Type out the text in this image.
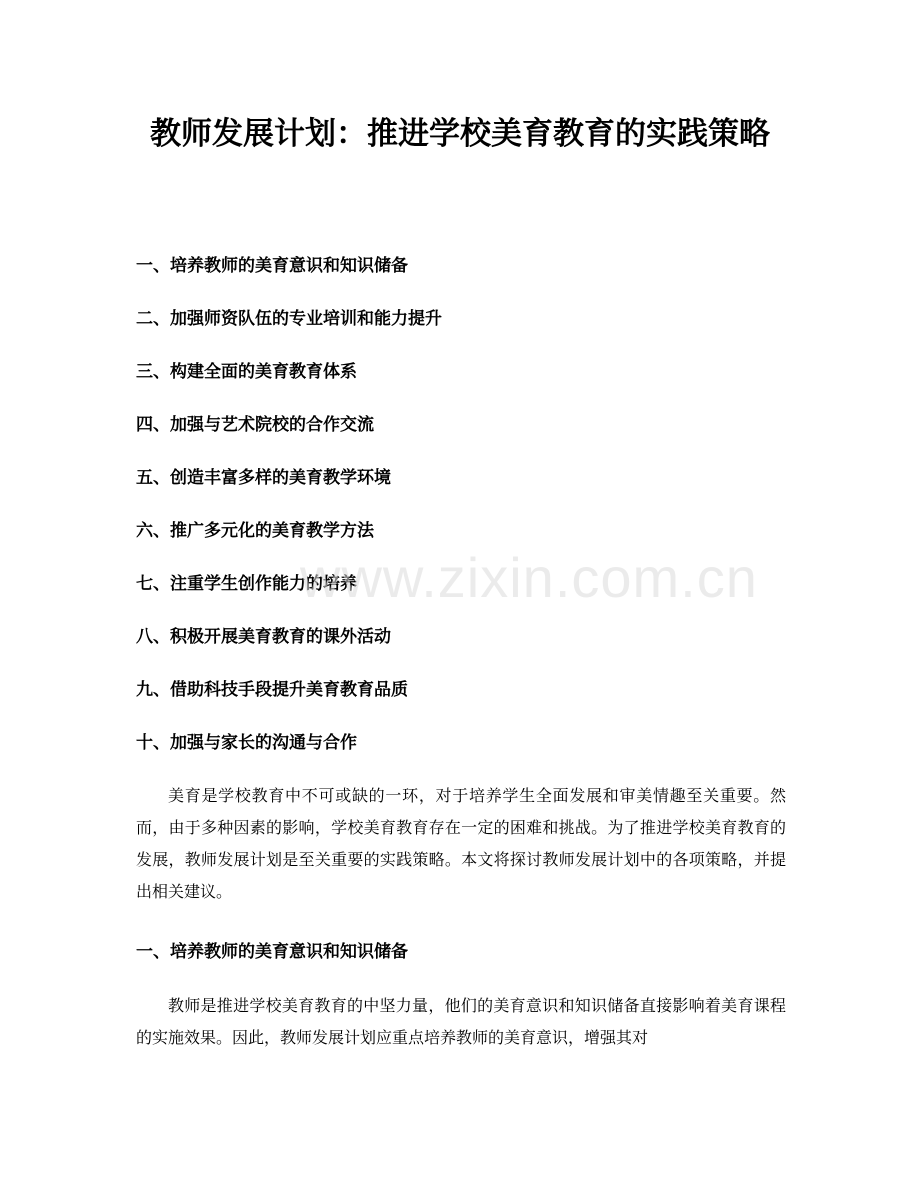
教师发展计划：推进学校美育教育的实践策略
一、培养教师的美育意识和知识储备
二、加强师资队伍的专业培训和能力提升
三、构建全面的美育教育体系
四、加强与艺术院校的合作交流
五、创造丰富多样的美育教学环境
六、推广多元化的美育教学方法
七、注重学生创作能力的培养
八、积极开展美育教育的课外活动
九、借助科技手段提升美育教育品质
十、加强与家长的沟通与合作

美育是学校教育中不可或缺的一环，对于培养学生全面发展和审美情趣至关重要。然而，由于多种因素的影响，学校美育教育存在一定的困难和挑战。为了推进学校美育教育的发展，教师发展计划是至关重要的实践策略。本文将探讨教师发展计划中的各项策略，并提出相关建议。

一、培养教师的美育意识和知识储备

教师是推进学校美育教育的中坚力量，他们的美育意识和知识储备直接影响着美育课程的实施效果。因此，教师发展计划应重点培养教师的美育意识，增强其对

www.zixin.com.cn
